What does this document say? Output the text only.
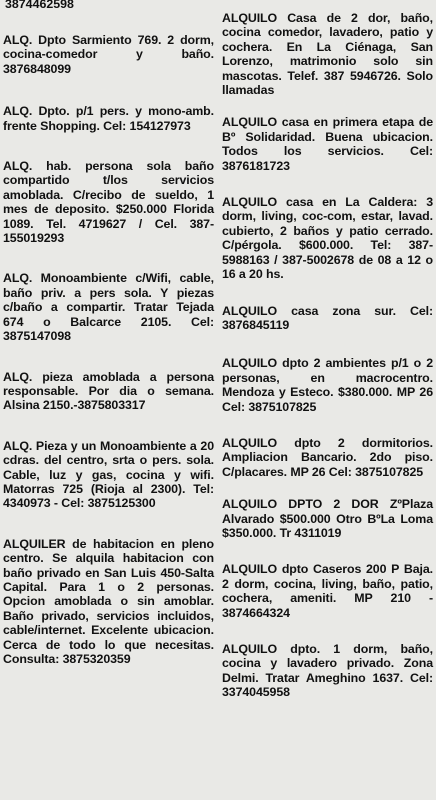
3874462598
ALQ. Dpto Sarmiento 769. 2 dorm, cocina-comedor y baño. 3876848099
ALQ. Dpto. p/1 pers. y mono-amb. frente Shopping. Cel: 154127973
ALQ. hab. persona sola baño compartido t/los servicios amoblada. C/recibo de sueldo, 1 mes de deposito. $250.000 Florida 1089. Tel. 4719627 / Cel. 387-155019293
ALQ. Monoambiente c/Wifi, cable, baño priv. a pers sola. Y piezas c/baño a compartir. Tratar Tejada 674 o Balcarce 2105. Cel: 3875147098
ALQ. pieza amoblada a persona responsable. Por dia o semana. Alsina 2150.-3875803317
ALQ. Pieza y un Monoambiente a 20 cdras. del centro, srta o pers. sola. Cable, luz y gas, cocina y wifi. Matorras 725 (Rioja al 2300). Tel: 4340973 - Cel: 3875125300
ALQUILER de habitacion en pleno centro. Se alquila habitacion con baño privado en San Luis 450-Salta Capital. Para 1 o 2 personas. Opcion amoblada o sin amoblar. Baño privado, servicios incluidos, cable/internet. Excelente ubicacion. Cerca de todo lo que necesitas. Consulta: 3875320359
ALQUILO Casa de 2 dor, baño, cocina comedor, lavadero, patio y cochera. En La Ciénaga, San Lorenzo, matrimonio solo sin mascotas. Telef. 387 5946726. Solo llamadas
ALQUILO casa en primera etapa de Bº Solidaridad. Buena ubicacion. Todos los servicios. Cel: 3876181723
ALQUILO casa en La Caldera: 3 dorm, living, coc-com, estar, lavad. cubierto, 2 baños y patio cerrado. C/pérgola. $600.000. Tel: 387-5988163 / 387-5002678 de 08 a 12 o 16 a 20 hs.
ALQUILO casa zona sur. Cel: 3876845119
ALQUILO dpto 2 ambientes p/1 o 2 personas, en macrocentro. Mendoza y Esteco. $380.000. MP 26 Cel: 3875107825
ALQUILO dpto 2 dormitorios. Ampliacion Bancario. 2do piso. C/placares. MP 26 Cel: 3875107825
ALQUILO DPTO 2 DOR ZºPlaza Alvarado $500.000 Otro BºLa Loma $350.000. Tr 4311019
ALQUILO dpto Caseros 200 P Baja. 2 dorm, cocina, living, baño, patio, cochera, ameniti. MP 210 - 3874664324
ALQUILO dpto. 1 dorm, baño, cocina y lavadero privado. Zona Delmi. Tratar Ameghino 1637. Cel: 3374045958
